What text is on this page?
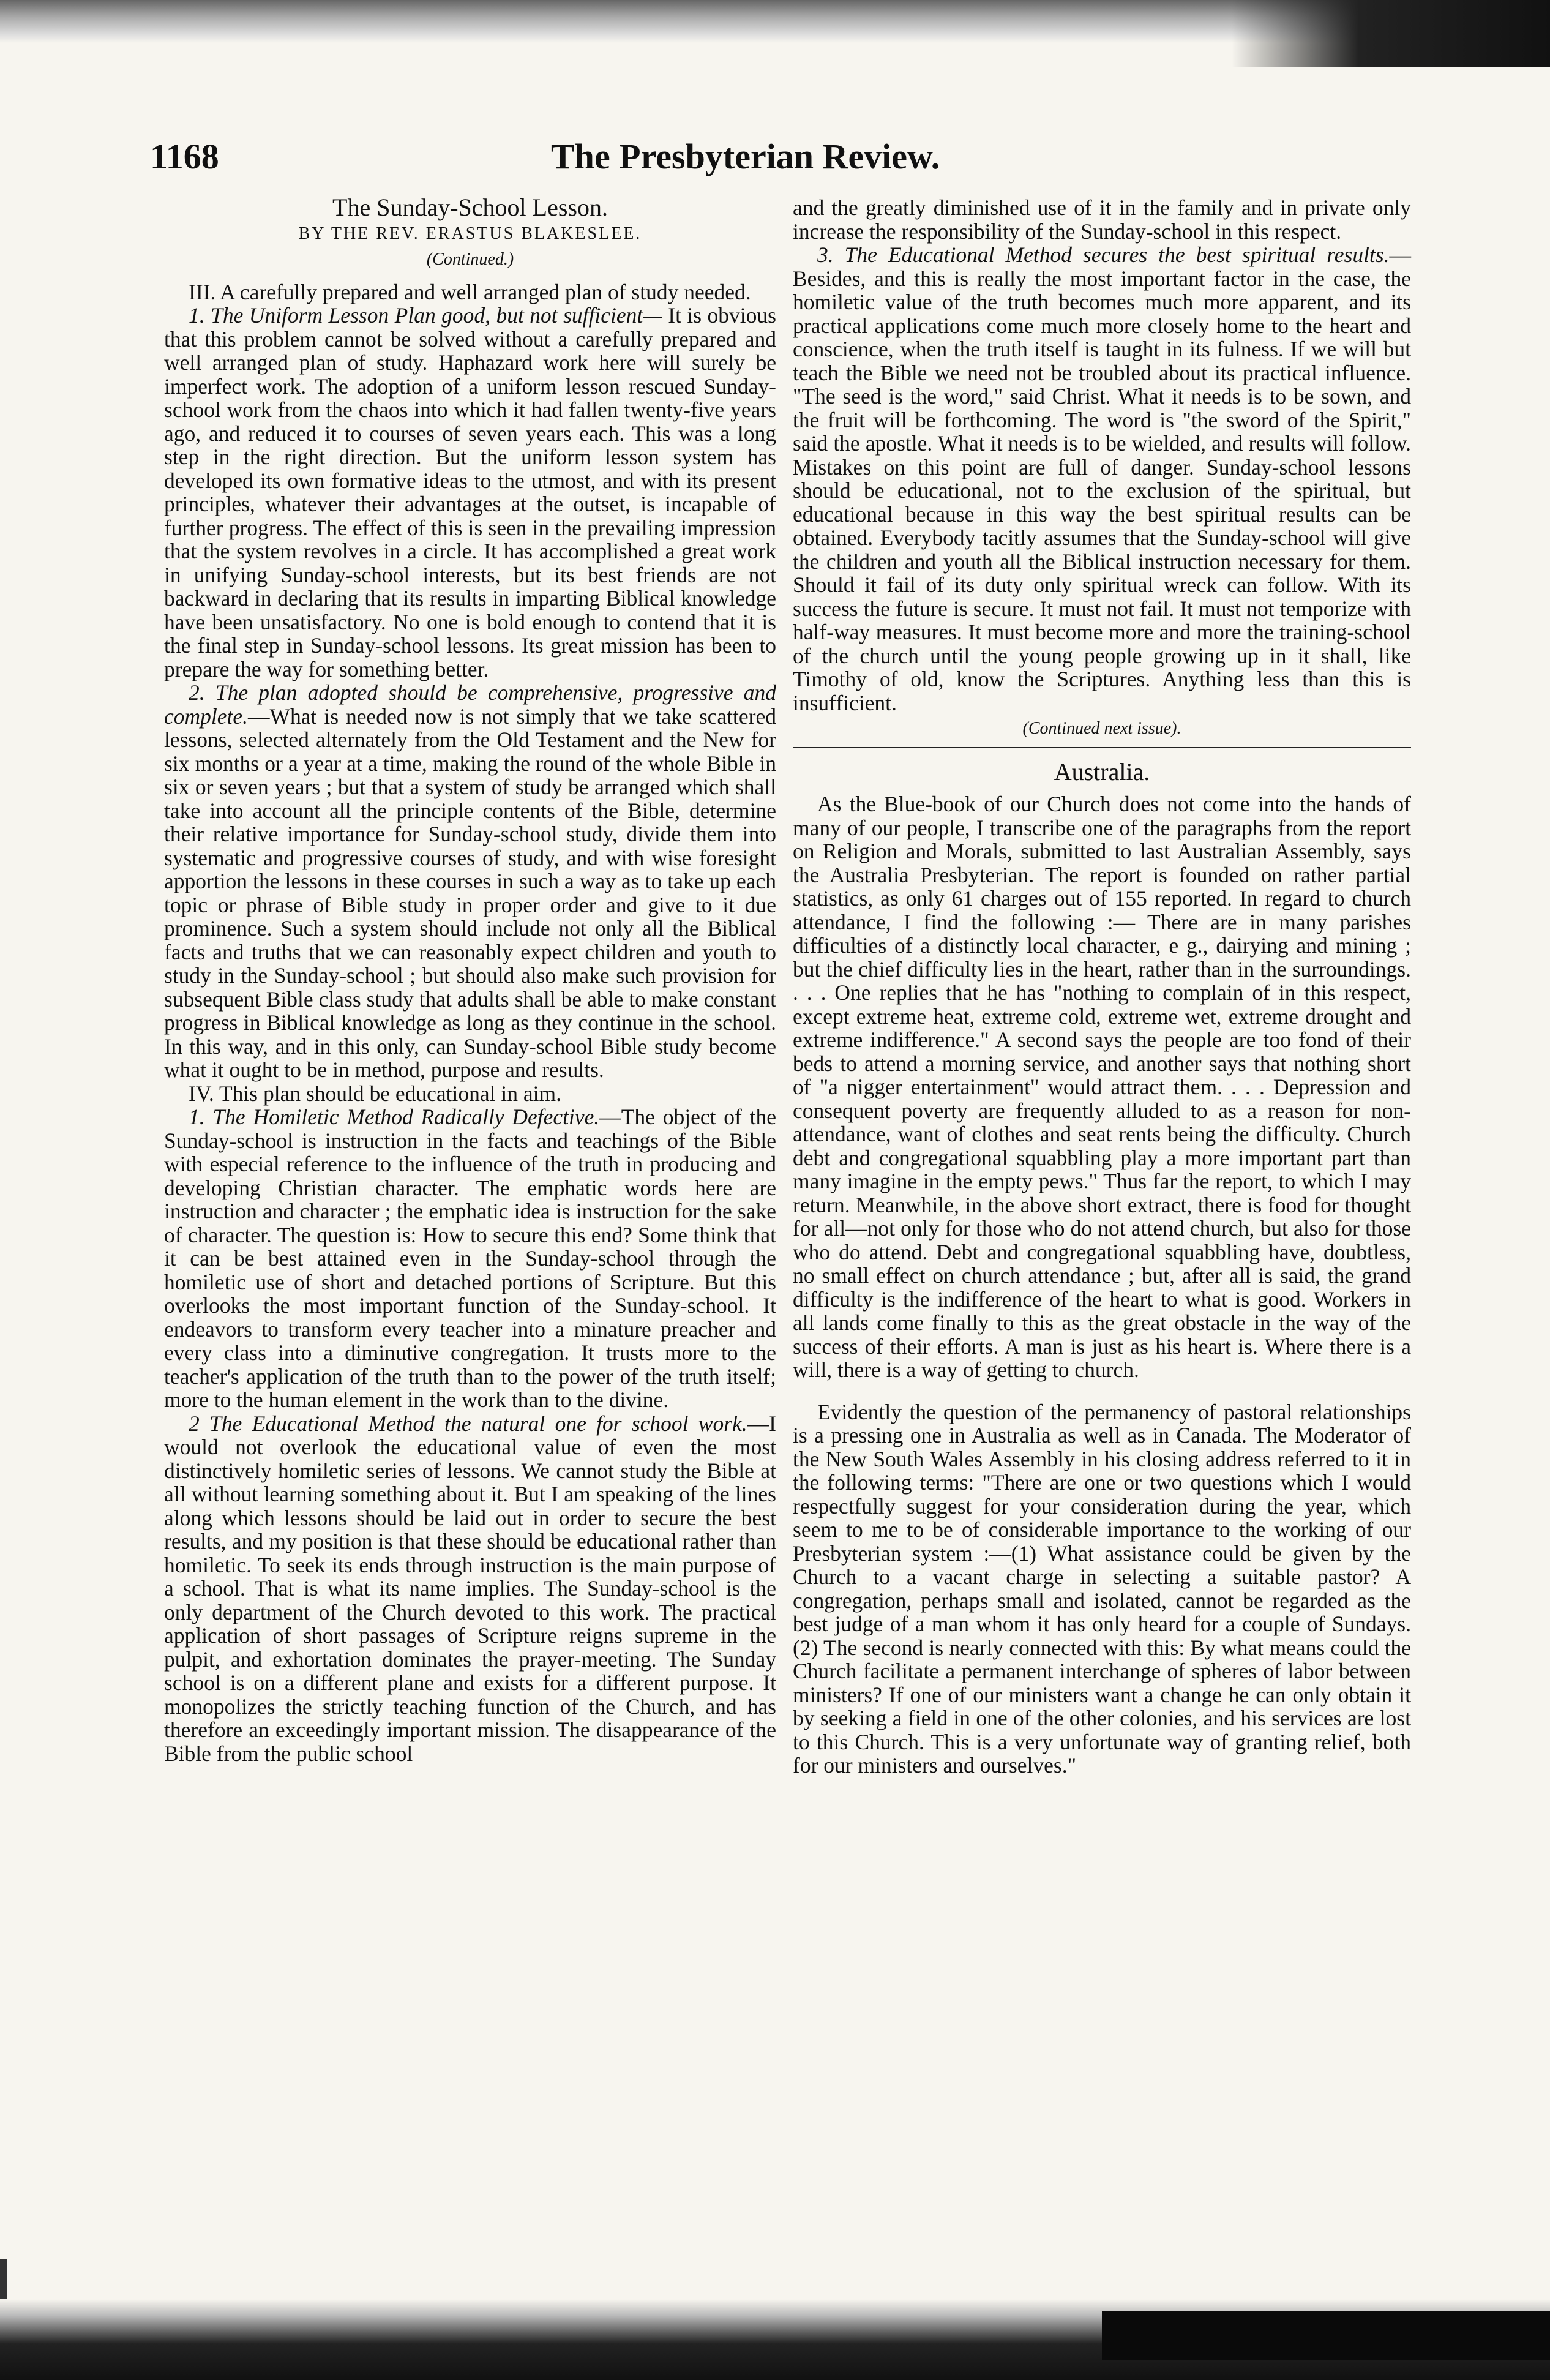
1168	The Presbyterian Review.
The Sunday-School Lesson.
BY THE REV. ERASTUS BLAKESLEE.
(Continued.)

III. A carefully prepared and well arranged plan of study needed.

1. The Uniform Lesson Plan good, but not sufficient— It is obvious that this problem cannot be solved without a carefully prepared and well arranged plan of study. Haphazard work here will surely be imperfect work. The adoption of a uniform lesson rescued Sunday-school work from the chaos into which it had fallen twenty-five years ago, and reduced it to courses of seven years each. This was a long step in the right direction. But the uniform lesson system has developed its own formative ideas to the utmost, and with its present principles, whatever their advantages at the outset, is incapable of further progress. The effect of this is seen in the prevailing impression that the system revolves in a circle. It has accomplished a great work in unifying Sunday-school interests, but its best friends are not backward in declaring that its results in imparting Biblical knowledge have been unsatisfactory. No one is bold enough to contend that it is the final step in Sunday-school lessons. Its great mission has been to prepare the way for something better.

2. The plan adopted should be comprehensive, progressive and complete.—What is needed now is not simply that we take scattered lessons, selected alternately from the Old Testament and the New for six months or a year at a time, making the round of the whole Bible in six or seven years ; but that a system of study be arranged which shall take into account all the principle contents of the Bible, determine their relative importance for Sunday-school study, divide them into systematic and progressive courses of study, and with wise foresight apportion the lessons in these courses in such a way as to take up each topic or phrase of Bible study in proper order and give to it due prominence. Such a system should include not only all the Biblical facts and truths that we can reasonably expect children and youth to study in the Sunday-school ; but should also make such provision for subsequent Bible class study that adults shall be able to make constant progress in Biblical knowledge as long as they continue in the school. In this way, and in this only, can Sunday-school Bible study become what it ought to be in method, purpose and results.

IV. This plan should be educational in aim.

1. The Homiletic Method Radically Defective.—The object of the Sunday-school is instruction in the facts and teachings of the Bible with especial reference to the influence of the truth in producing and developing Christian character. The emphatic words here are instruction and character ; the emphatic idea is instruction for the sake of character. The question is: How to secure this end? Some think that it can be best attained even in the Sunday-school through the homiletic use of short and detached portions of Scripture. But this overlooks the most important function of the Sunday-school. It endeavors to transform every teacher into a minature preacher and every class into a diminutive congregation. It trusts more to the teacher's application of the truth than to the power of the truth itself; more to the human element in the work than to the divine.

2 The Educational Method the natural one for school work.—I would not overlook the educational value of even the most distinctively homiletic series of lessons. We cannot study the Bible at all without learning something about it. But I am speaking of the lines along which lessons should be laid out in order to secure the best results, and my position is that these should be educational rather than homiletic. To seek its ends through instruction is the main purpose of a school. That is what its name implies. The Sunday-school is the only department of the Church devoted to this work. The practical application of short passages of Scripture reigns supreme in the pulpit, and exhortation dominates the prayer-meeting. The Sunday school is on a different plane and exists for a different purpose. It monopolizes the strictly teaching function of the Church, and has therefore an exceedingly important mission. The disappearance of the Bible from the public school

and the greatly diminished use of it in the family and in private only increase the responsibility of the Sunday-school in this respect.

3. The Educational Method secures the best spiritual results.—Besides, and this is really the most important factor in the case, the homiletic value of the truth becomes much more apparent, and its practical applications come much more closely home to the heart and conscience, when the truth itself is taught in its fulness. If we will but teach the Bible we need not be troubled about its practical influence. "The seed is the word," said Christ. What it needs is to be sown, and the fruit will be forthcoming. The word is "the sword of the Spirit," said the apostle. What it needs is to be wielded, and results will follow. Mistakes on this point are full of danger. Sunday-school lessons should be educational, not to the exclusion of the spiritual, but educational because in this way the best spiritual results can be obtained. Everybody tacitly assumes that the Sunday-school will give the children and youth all the Biblical instruction necessary for them. Should it fail of its duty only spiritual wreck can follow. With its success the future is secure. It must not fail. It must not temporize with half-way measures. It must become more and more the training-school of the church until the young people growing up in it shall, like Timothy of old, know the Scriptures. Anything less than this is insufficient.

(Continued next issue).
Australia.

As the Blue-book of our Church does not come into the hands of many of our people, I transcribe one of the paragraphs from the report on Religion and Morals, submitted to last Australian Assembly, says the Australia Presbyterian. The report is founded on rather partial statistics, as only 61 charges out of 155 reported. In regard to church attendance, I find the following :— There are in many parishes difficulties of a distinctly local character, e g., dairying and mining ; but the chief difficulty lies in the heart, rather than in the surroundings. . . . One replies that he has "nothing to complain of in this respect, except extreme heat, extreme cold, extreme wet, extreme drought and extreme indifference." A second says the people are too fond of their beds to attend a morning service, and another says that nothing short of "a nigger entertainment" would attract them. . . . Depression and consequent poverty are frequently alluded to as a reason for non-attendance, want of clothes and seat rents being the difficulty. Church debt and congregational squabbling play a more important part than many imagine in the empty pews." Thus far the report, to which I may return. Meanwhile, in the above short extract, there is food for thought for all—not only for those who do not attend church, but also for those who do attend. Debt and congregational squabbling have, doubtless, no small effect on church attendance ; but, after all is said, the grand difficulty is the indifference of the heart to what is good. Workers in all lands come finally to this as the great obstacle in the way of the success of their efforts. A man is just as his heart is. Where there is a will, there is a way of getting to church.

Evidently the question of the permanency of pastoral relationships is a pressing one in Australia as well as in Canada. The Moderator of the New South Wales Assembly in his closing address referred to it in the following terms: "There are one or two questions which I would respectfully suggest for your consideration during the year, which seem to me to be of considerable importance to the working of our Presbyterian system :—(1) What assistance could be given by the Church to a vacant charge in selecting a suitable pastor? A congregation, perhaps small and isolated, cannot be regarded as the best judge of a man whom it has only heard for a couple of Sundays. (2) The second is nearly connected with this: By what means could the Church facilitate a permanent interchange of spheres of labor between ministers? If one of our ministers want a change he can only obtain it by seeking a field in one of the other colonies, and his services are lost to this Church. This is a very unfortunate way of granting relief, both for our ministers and ourselves."
